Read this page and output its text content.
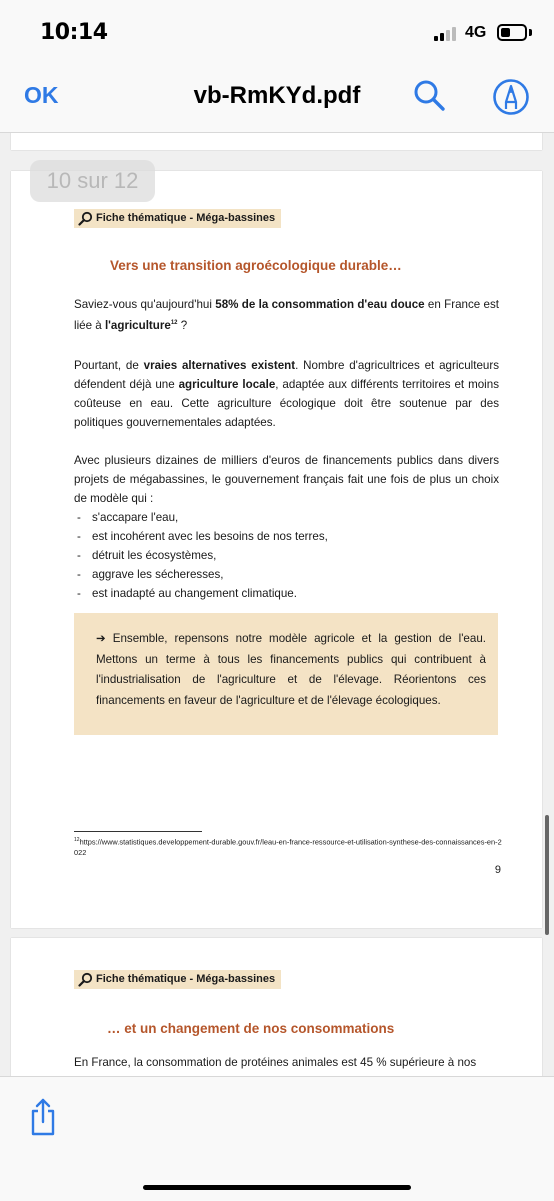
10:14	4G
OK	vb-RmKYd.pdf
Fiche thématique - Méga-bassines
Vers une transition agroécologique durable…

Saviez-vous qu'aujourd'hui 58% de la consommation d'eau douce en France est liée à l'agriculture$^{12}$ ?

Pourtant, de vraies alternatives existent. Nombre d'agricultrices et agriculteurs défendent déjà une agriculture locale, adaptée aux différents territoires et moins coûteuse en eau. Cette agriculture écologique doit être soutenue par des politiques gouvernementales adaptées.

Avec plusieurs dizaines de milliers d'euros de financements publics dans divers projets de mégabassines, le gouvernement français fait une fois de plus un choix de modèle qui :

- s'accapare l'eau,
- est incohérent avec les besoins de nos terres,
- détruit les écosystèmes,
- aggrave les sécheresses,
- est inadapté au changement climatique.

➔ Ensemble, repensons notre modèle agricole et la gestion de l'eau. Mettons un terme à tous les financements publics qui contribuent à l'industrialisation de l'agriculture et de l'élevage. Réorientons ces financements en faveur de l'agriculture et de l'élevage écologiques.

$^{12}$https://www.statistiques.developpement-durable.gouv.fr/leau-en-france-ressource-et-utilisation-synthese-des-connaissances-en-2022

9
Fiche thématique - Méga-bassines
… et un changement de nos consommations

En France, la consommation de protéines animales est 45 % supérieure à nos

10 sur 12
